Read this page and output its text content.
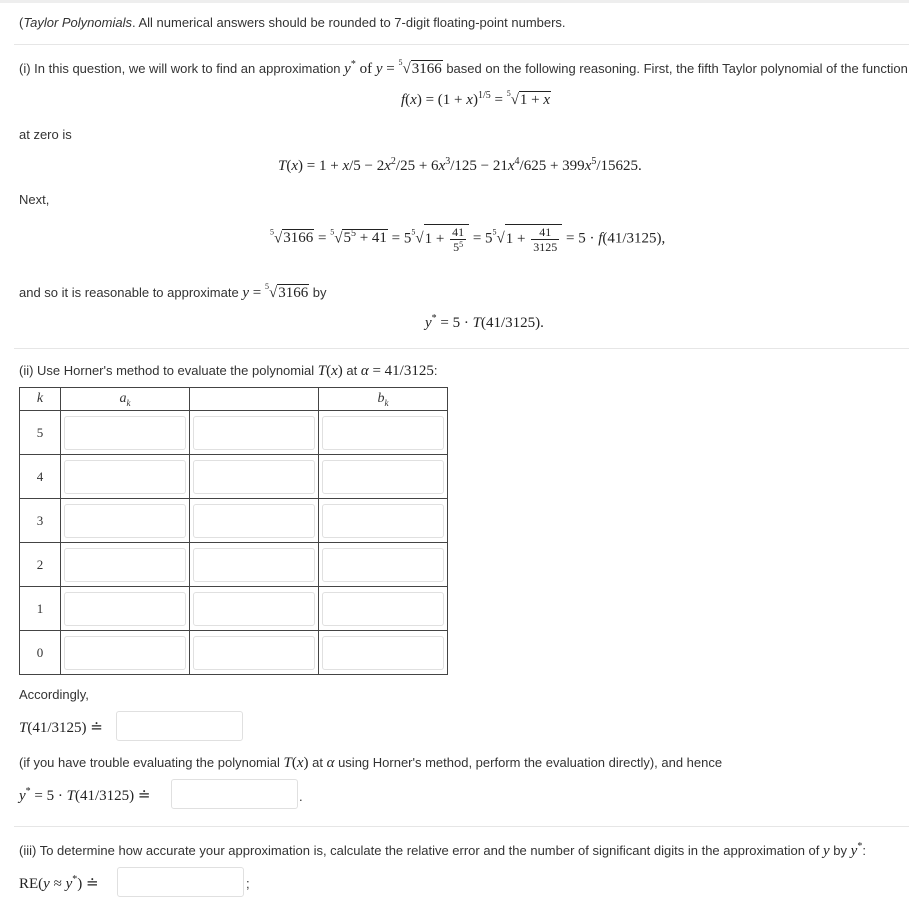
(Taylor Polynomials. All numerical answers should be rounded to 7-digit floating-point numbers.
(i) In this question, we will work to find an approximation y* of y = $^5$√3166 based on the following reasoning. First, the fifth Taylor polynomial of the function
$f(x) = (1 + x)^{1/5} = ^5√1 + x$
at zero is
$T(x) = 1 + x/5 - 2x^2/25 + 6x^3/125 - 21x^4/625 + 399x^5/15625$.
Next,
$^5√3166 = ^5√5^5 + 41 = 5^5√1 + \frac{41}{5^5} = 5^5√1 + \frac{41}{3125} = 5 \cdot f(41/3125)$,
and so it is reasonable to approximate y = $^5$√3166 by
y* = 5 · T(41/3125).
(ii) Use Horner's method to evaluate the polynomial T(x) at α = 41/3125:
k	$a_k$		$b_k$
5	

4	

3	

2	

1	

0	

Accordingly,
T(41/3125) ≐
(if you have trouble evaluating the polynomial T(x) at α using Horner's method, perform the evaluation directly), and hence
y* = 5 · T(41/3125) ≐	.
(iii) To determine how accurate your approximation is, calculate the relative error and the number of significant digits in the approximation of y by y*:
RE(y ≈ y*) ≐	;
